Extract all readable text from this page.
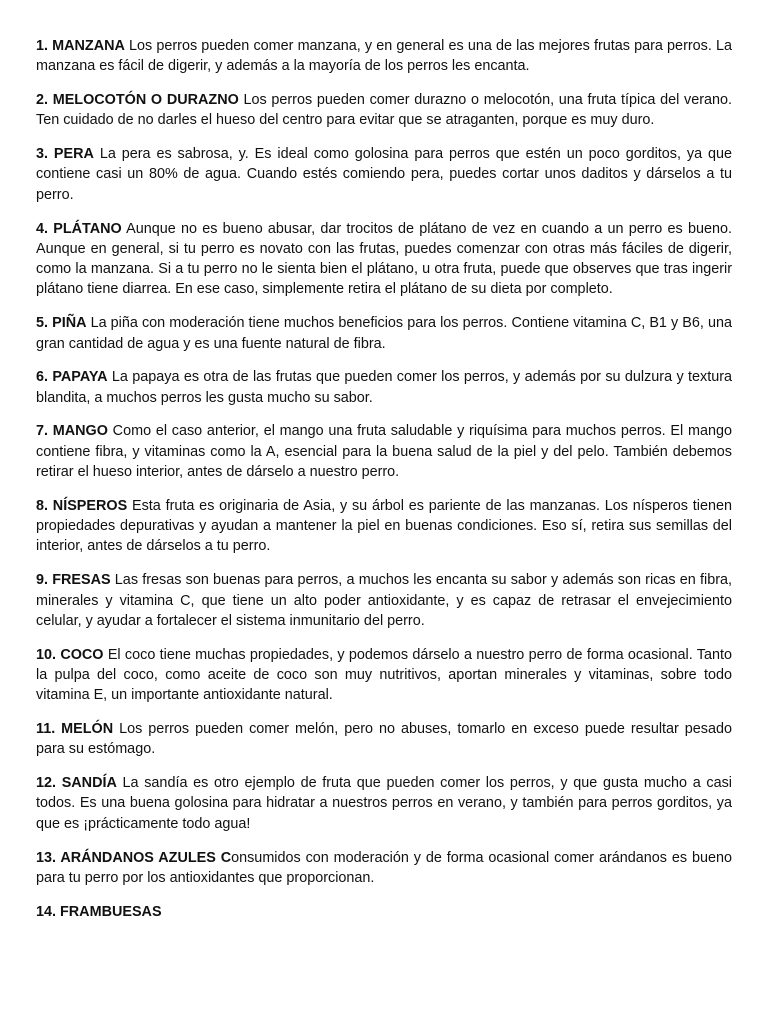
1. MANZANA Los perros pueden comer manzana, y en general es una de las mejores frutas para perros. La manzana es fácil de digerir, y además a la mayoría de los perros les encanta.

2. MELOCOTÓN O DURAZNO Los perros pueden comer durazno o melocotón, una fruta típica del verano. Ten cuidado de no darles el hueso del centro para evitar que se atraganten, porque es muy duro.

3. PERA La pera es sabrosa, y. Es ideal como golosina para perros que estén un poco gorditos, ya que contiene casi un 80% de agua. Cuando estés comiendo pera, puedes cortar unos daditos y dárselos a tu perro.

4. PLÁTANO Aunque no es bueno abusar, dar trocitos de plátano de vez en cuando a un perro es bueno. Aunque en general, si tu perro es novato con las frutas, puedes comenzar con otras más fáciles de digerir, como la manzana. Si a tu perro no le sienta bien el plátano, u otra fruta, puede que observes que tras ingerir plátano tiene diarrea. En ese caso, simplemente retira el plátano de su dieta por completo.

5. PIÑA La piña con moderación tiene muchos beneficios para los perros. Contiene vitamina C, B1 y B6, una gran cantidad de agua y es una fuente natural de fibra.

6. PAPAYA La papaya es otra de las frutas que pueden comer los perros, y además por su dulzura y textura blandita, a muchos perros les gusta mucho su sabor.

7. MANGO Como el caso anterior, el mango una fruta saludable y riquísima para muchos perros. El mango contiene fibra, y vitaminas como la A, esencial para la buena salud de la piel y del pelo. También debemos retirar el hueso interior, antes de dárselo a nuestro perro.

8. NÍSPEROS Esta fruta es originaria de Asia, y su árbol es pariente de las manzanas. Los nísperos tienen propiedades depurativas y ayudan a mantener la piel en buenas condiciones. Eso sí, retira sus semillas del interior, antes de dárselos a tu perro.

9. FRESAS Las fresas son buenas para perros, a muchos les encanta su sabor y además son ricas en fibra, minerales y vitamina C, que tiene un alto poder antioxidante, y es capaz de retrasar el envejecimiento celular, y ayudar a fortalecer el sistema inmunitario del perro.

10. COCO El coco tiene muchas propiedades, y podemos dárselo a nuestro perro de forma ocasional. Tanto la pulpa del coco, como aceite de coco son muy nutritivos, aportan minerales y vitaminas, sobre todo vitamina E, un importante antioxidante natural.

11. MELÓN Los perros pueden comer melón, pero no abuses, tomarlo en exceso puede resultar pesado para su estómago.

12. SANDÍA La sandía es otro ejemplo de fruta que pueden comer los perros, y que gusta mucho a casi todos. Es una buena golosina para hidratar a nuestros perros en verano, y también para perros gorditos, ya que es ¡prácticamente todo agua!

13. ARÁNDANOS AZULES Consumidos con moderación y de forma ocasional comer arándanos es bueno para tu perro por los antioxidantes que proporcionan.

14. FRAMBUESAS
